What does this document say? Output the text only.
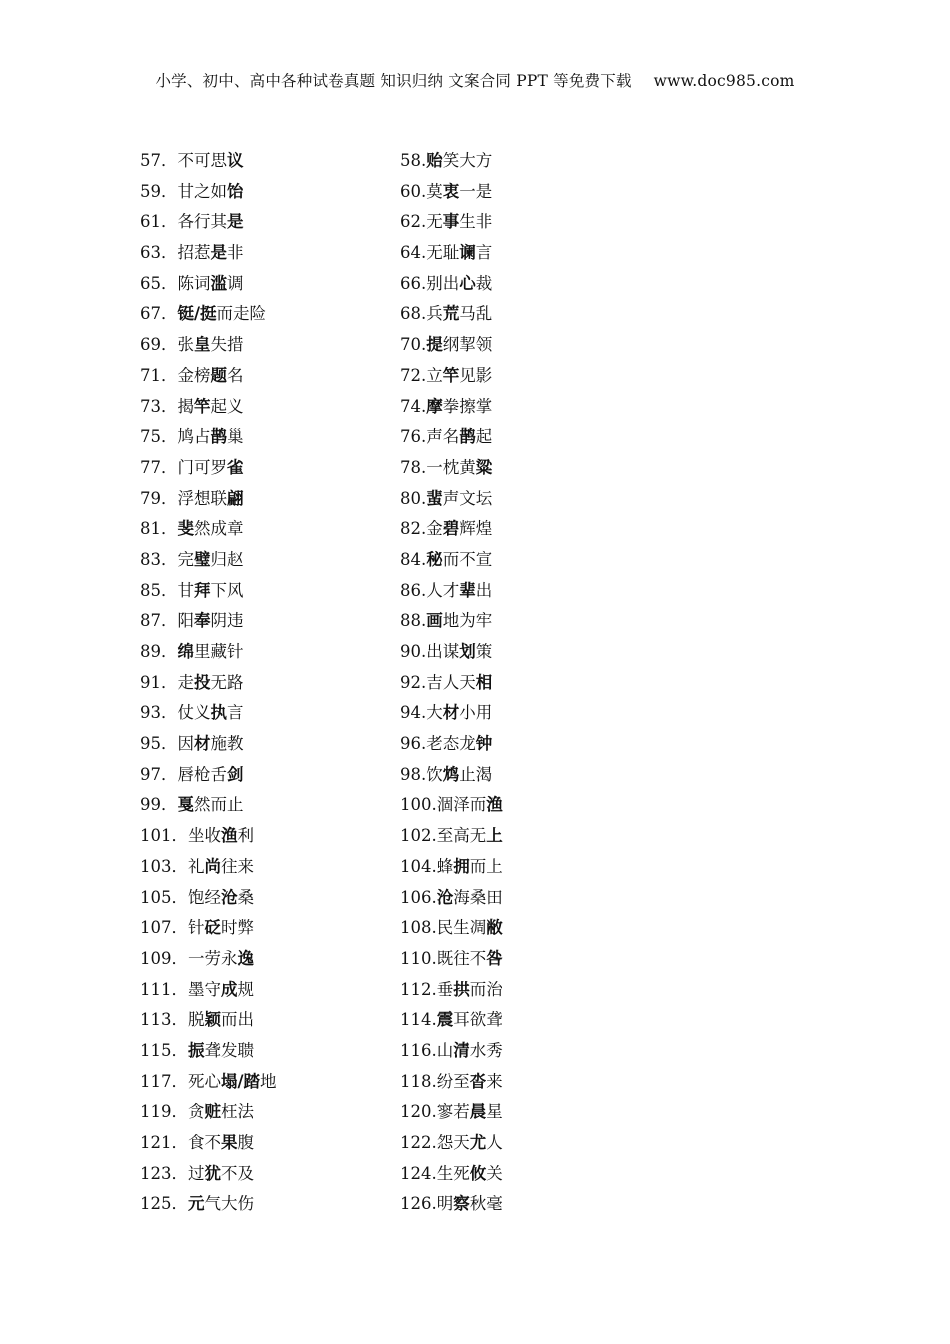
小学、初中、高中各种试卷真题 知识归纳 文案合同 PPT 等免费下载 www.doc985.com
57．不可思议	58.贻笑大方
59．甘之如饴	60.莫衷一是
61．各行其是	62.无事生非
63．招惹是非	64.无耻谰言
65．陈词滥调	66.别出心裁
67．铤/挺而走险	68.兵荒马乱
69．张皇失措	70.提纲挈领
71．金榜题名	72.立竿见影
73．揭竿起义	74.摩拳擦掌
75．鸠占鹊巢	76.声名鹊起
77．门可罗雀	78.一枕黄粱
79．浮想联翩	80.蜚声文坛
81．斐然成章	82.金碧辉煌
83．完璧归赵	84.秘而不宣
85．甘拜下风	86.人才辈出
87．阳奉阴违	88.画地为牢
89．绵里藏针	90.出谋划策
91．走投无路	92.吉人天相
93．仗义执言	94.大材小用
95．因材施教	96.老态龙钟
97．唇枪舌剑	98.饮鸩止渴
99．戛然而止	100.涸泽而渔
101．坐收渔利	102.至高无上
103．礼尚往来	104.蜂拥而上
105．饱经沧桑	106.沧海桑田
107．针砭时弊	108.民生凋敝
109．一劳永逸	110.既往不咎
111．墨守成规	112.垂拱而治
113．脱颖而出	114.震耳欲聋
115．振聋发聩	116.山清水秀
117．死心塌/踏地	118.纷至沓来
119．贪赃枉法	120.寥若晨星
121．食不果腹	122.怨天尤人
123．过犹不及	124.生死攸关
125．元气大伤	126.明察秋毫
